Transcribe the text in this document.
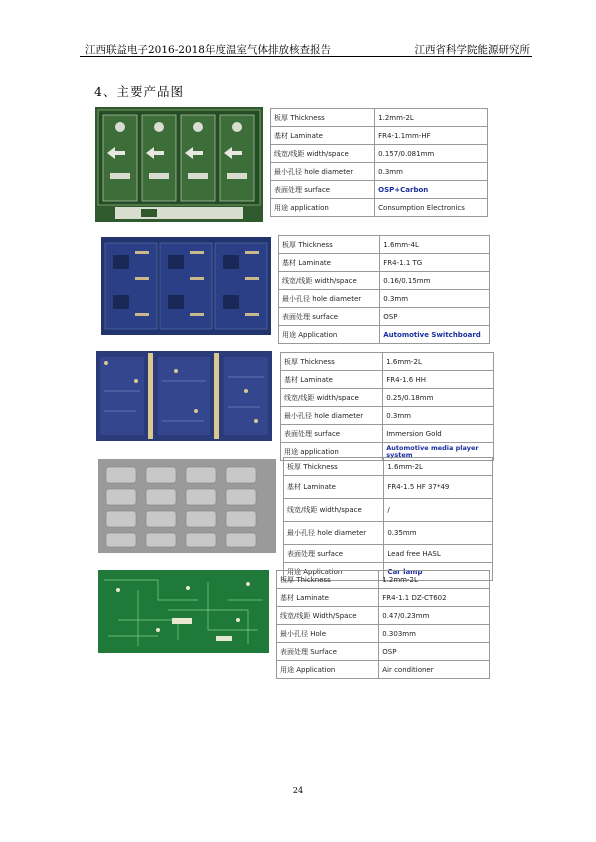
江西联益电子2016-2018年度温室气体排放核查报告	江西省科学院能源研究所
4、主要产品图
板厚 Thickness	1.2mm-2L
基材 Laminate	FR4-1.1mm-HF
线宽/线距 width/space	0.157/0.081mm
最小孔径 hole diameter	0.3mm
表面处理 surface	OSP+Carbon
用途 application	Consumption Electronics
板厚 Thickness	1.6mm-4L
基材 Laminate	FR4-1.1 TG
线宽/线距 width/space	0.16/0.15mm
最小孔径 hole diameter	0.3mm
表面处理 surface	OSP
用途 Application	Automotive Switchboard
板厚 Thickness	1.6mm-2L
基材 Laminate	FR4-1.6 HH
线宽/线距 width/space	0.25/0.18mm
最小孔径 hole diameter	0.3mm
表面处理 surface	Immersion Gold
用途 application	Automotive media player system
板厚 Thickness	1.6mm-2L
基材 Laminate	FR4-1.5 HF 37*49
线宽/线距 width/space	/
最小孔径 hole diameter	0.35mm
表面处理 surface	Lead free HASL
用途 Application	Car lamp
板厚 Thickness	1.2mm-2L
基材 Laminate	FR4-1.1 DZ-CT602
线宽/线距 Width/Space	0.47/0.23mm
最小孔径 Hole	0.303mm
表面处理 Surface	OSP
用途 Application	Air conditioner
24
